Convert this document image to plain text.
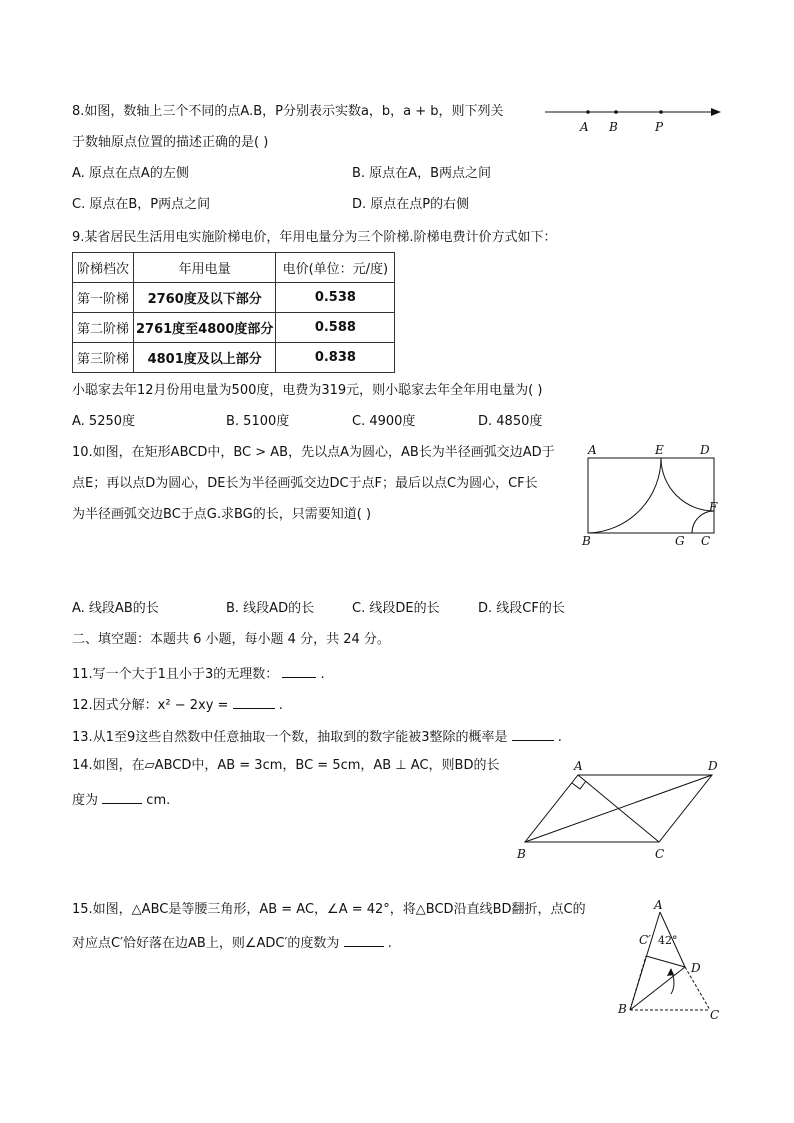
8.如图，数轴上三个不同的点A.B，P分别表示实数a，b，a + b，则下列关
于数轴原点位置的描述正确的是( )
A. 原点在点A的左侧	B. 原点在A，B两点之间
C. 原点在B，P两点之间	D. 原点在点P的右侧
A B	P
9.某省居民生活用电实施阶梯电价，年用电量分为三个阶梯.阶梯电费计价方式如下：
阶梯档次	年用电量	电价(单位：元/度)
第一阶梯	2760度及以下部分	0.538
第二阶梯	2761度至4800度部分	0.588
第三阶梯	4801度及以上部分	0.838
小聪家去年12月份用电量为500度，电费为319元，则小聪家去年全年用电量为( )
A. 5250度	B. 5100度	C. 4900度	D. 4850度
10.如图，在矩形ABCD中，BC > AB，先以点A为圆心，AB长为半径画弧交边AD于
点E；再以点D为圆心，DE长为半径画弧交边DC于点F；最后以点C为圆心，CF长
为半径画弧交边BC于点G.求BG的长，只需要知道( )
A	E	D
F
B	G C
A. 线段AB的长	B. 线段AD的长	C. 线段DE的长	D. 线段CF的长
二、填空题：本题共 6 小题，每小题 4 分，共 24 分。
11.写一个大于1且小于3的无理数：	.
12.因式分解：x² − 2xy =	.
13.从1至9这些自然数中任意抽取一个数，抽取到的数字能被3整除的概率是	.
14.如图，在▱ABCD中，AB = 3cm，BC = 5cm，AB ⊥ AC，则BD的长
度为	cm.
A	D
B	C
15.如图，△ABC是等腰三角形，AB = AC，∠A = 42°，将△BCD沿直线BD翻折，点C的
对应点C′恰好落在边AB上，则∠ADC′的度数为	.
A
C′ 42°
D
B	C
